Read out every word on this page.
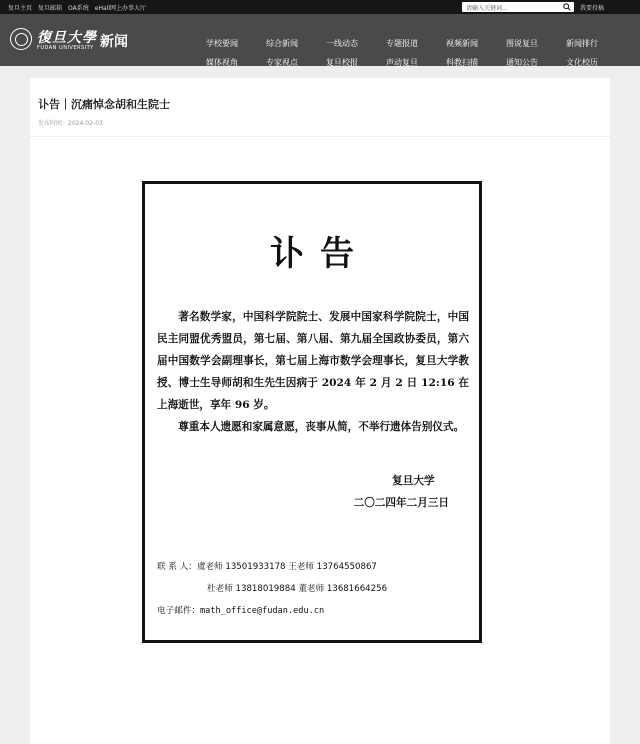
复旦主页 复旦邮箱 OA系统 eHall网上办事大厅	请输入关键词...	我要投稿
復旦大學
FUDAN UNIVERSITY 新闻	学校要闻	综合新闻	一线动态	专题报道	视频新闻	图说复旦	新闻排行
媒体视角	专家视点	复旦校报	声动复旦	科教扫描	通知公告	文化校历
讣告｜沉痛悼念胡和生院士
发布时间：2024-02-03
讣告

著名数学家，中国科学院院士、发展中国家科学院院士，中国民主同盟优秀盟员，第七届、第八届、第九届全国政协委员，第六届中国数学会副理事长，第七届上海市数学会理事长，复旦大学教授、博士生导师胡和生先生因病于 2024 年 2 月 2 日 12:16 在上海逝世，享年 96 岁。

尊重本人遗愿和家属意愿，丧事从简，不举行遗体告别仪式。

复旦大学
二〇二四年二月三日
联 系 人：虞老师 13501933178 王老师 13764550867
杜老师 13818019884 董老师 13681664256
电子邮件：math_office@fudan.edu.cn
